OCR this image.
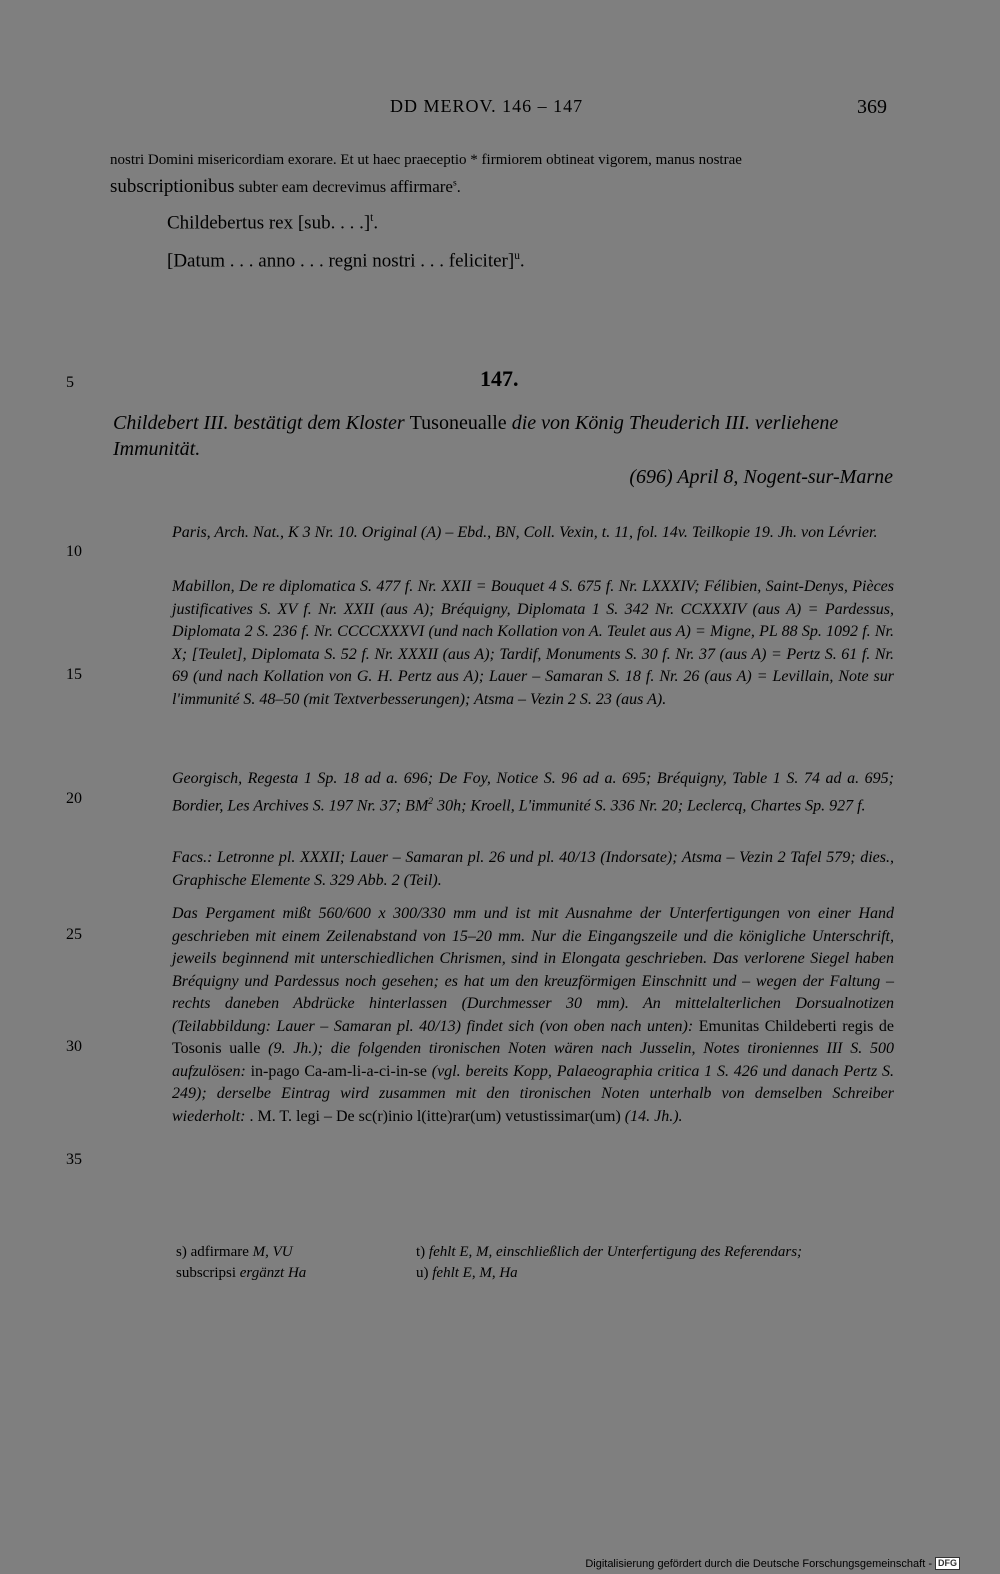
DD MEROV. 146 – 147	369
nostri Domini misericordiam exorare. Et ut haec praeceptio * firmiorem obtineat vigorem, manus nostrae
subscriptionibus subter eam decrevimus affirmare$^s$.
Childebertus rex [sub. . . .]$^t$.
[Datum . . . anno . . . regni nostri . . . feliciter]$^u$.
5
10
15
20
25
30
35
147.
Childebert III. bestätigt dem Kloster Tusoneualle die von König Theuderich III. verliehene Immunität.
(696) April 8, Nogent-sur-Marne
Paris, Arch. Nat., K 3 Nr. 10. Original (A) – Ebd., BN, Coll. Vexin, t. 11, fol. 14v. Teilkopie 19. Jh. von Lévrier.
Mabillon, De re diplomatica S. 477 f. Nr. XXII = Bouquet 4 S. 675 f. Nr. LXXXIV; Félibien, Saint-Denys, Pièces justificatives S. XV f. Nr. XXII (aus A); Bréquigny, Diplomata 1 S. 342 Nr. CCXXXIV (aus A) = Pardessus, Diplomata 2 S. 236 f. Nr. CCCCXXXVI (und nach Kollation von A. Teulet aus A) = Migne, PL 88 Sp. 1092 f. Nr. X; [Teulet], Diplomata S. 52 f. Nr. XXXII (aus A); Tardif, Monuments S. 30 f. Nr. 37 (aus A) = Pertz S. 61 f. Nr. 69 (und nach Kollation von G. H. Pertz aus A); Lauer – Samaran S. 18 f. Nr. 26 (aus A) = Levillain, Note sur l'immunité S. 48–50 (mit Textverbesserungen); Atsma – Vezin 2 S. 23 (aus A).
Georgisch, Regesta 1 Sp. 18 ad a. 696; De Foy, Notice S. 96 ad a. 695; Bréquigny, Table 1 S. 74 ad a. 695; Bordier, Les Archives S. 197 Nr. 37; $BM^2$ 30h; Kroell, L'immunité S. 336 Nr. 20; Leclercq, Chartes Sp. 927 f.
Facs.: Letronne pl. XXXII; Lauer – Samaran pl. 26 und pl. 40/13 (Indorsate); Atsma – Vezin 2 Tafel 579; dies., Graphische Elemente S. 329 Abb. 2 (Teil).
Das Pergament mißt 560/600 x 300/330 mm und ist mit Ausnahme der Unterfertigungen von einer Hand geschrieben mit einem Zeilenabstand von 15–20 mm. Nur die Eingangszeile und die königliche Unterschrift, jeweils beginnend mit unterschiedlichen Chrismen, sind in Elongata geschrieben. Das verlorene Siegel haben Bréquigny und Pardessus noch gesehen; es hat um den kreuzförmigen Einschnitt und – wegen der Faltung – rechts daneben Abdrücke hinterlassen (Durchmesser 30 mm). An mittelalterlichen Dorsualnotizen (Teilabbildung: Lauer – Samaran pl. 40/13) findet sich (von oben nach unten): Emunitas Childeberti regis de Tosonis ualle (9. Jh.); die folgenden tironischen Noten wären nach Jusselin, Notes tironiennes III S. 500 aufzulösen: in-pago Ca-am-li-a-ci-in-se (vgl. bereits Kopp, Palaeographia critica 1 S. 426 und danach Pertz S. 249); derselbe Eintrag wird zusammen mit den tironischen Noten unterhalb von demselben Schreiber wiederholt: . M. T. legi – De sc(r)inio l(itte)rar(um) vetustissimar(um) (14. Jh.).
s) adfirmare M, VU
subscripsi ergänzt Ha
t) fehlt E, M, einschließlich der Unterfertigung des Referendars;
u) fehlt E, M, Ha
Digitalisierung gefördert durch die Deutsche Forschungsgemeinschaft - DFG
